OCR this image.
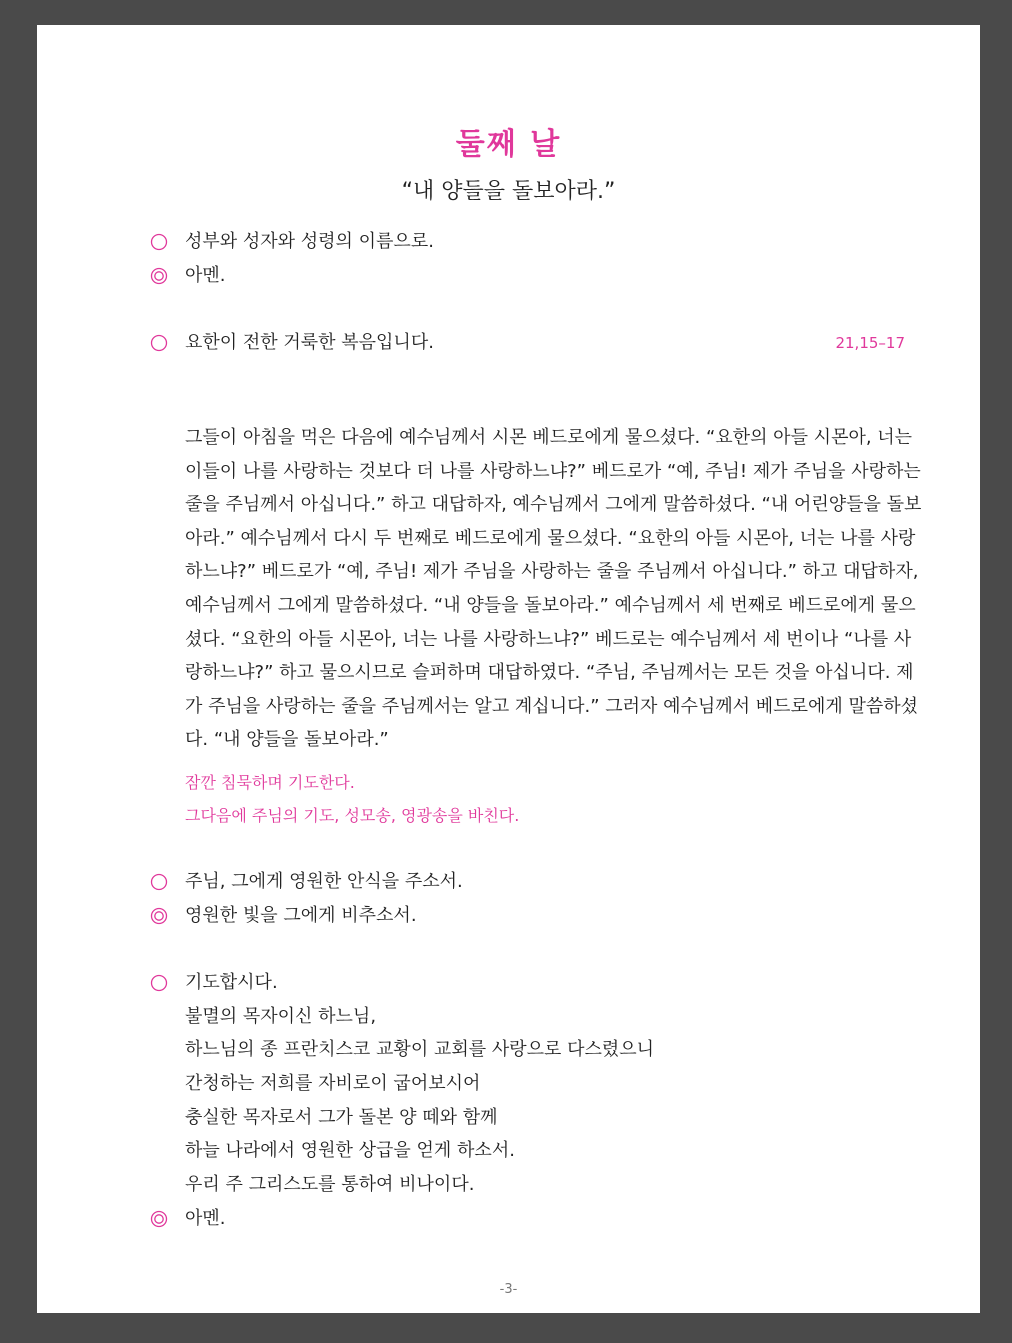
둘째 날
“내 양들을 돌보아라.”
성부와 성자와 성령의 이름으로.
아멘.
요한이 전한 거룩한 복음입니다.	21,15–17
그들이 아침을 먹은 다음에 예수님께서 시몬 베드로에게 물으셨다. “요한의 아들 시몬아, 너는
이들이 나를 사랑하는 것보다 더 나를 사랑하느냐?” 베드로가 “예, 주님! 제가 주님을 사랑하는
줄을 주님께서 아십니다.” 하고 대답하자, 예수님께서 그에게 말씀하셨다. “내 어린양들을 돌보
아라.” 예수님께서 다시 두 번째로 베드로에게 물으셨다. “요한의 아들 시몬아, 너는 나를 사랑
하느냐?” 베드로가 “예, 주님! 제가 주님을 사랑하는 줄을 주님께서 아십니다.” 하고 대답하자,
예수님께서 그에게 말씀하셨다. “내 양들을 돌보아라.” 예수님께서 세 번째로 베드로에게 물으
셨다. “요한의 아들 시몬아, 너는 나를 사랑하느냐?” 베드로는 예수님께서 세 번이나 “나를 사
랑하느냐?” 하고 물으시므로 슬퍼하며 대답하였다. “주님, 주님께서는 모든 것을 아십니다. 제
가 주님을 사랑하는 줄을 주님께서는 알고 계십니다.” 그러자 예수님께서 베드로에게 말씀하셨
다. “내 양들을 돌보아라.”
잠깐 침묵하며 기도한다.
그다음에 주님의 기도, 성모송, 영광송을 바친다.
주님, 그에게 영원한 안식을 주소서.
영원한 빛을 그에게 비추소서.
기도합시다.
불멸의 목자이신 하느님,
하느님의 종 프란치스코 교황이 교회를 사랑으로 다스렸으니
간청하는 저희를 자비로이 굽어보시어
충실한 목자로서 그가 돌본 양 떼와 함께
하늘 나라에서 영원한 상급을 얻게 하소서.
우리 주 그리스도를 통하여 비나이다.
아멘.
-3-
